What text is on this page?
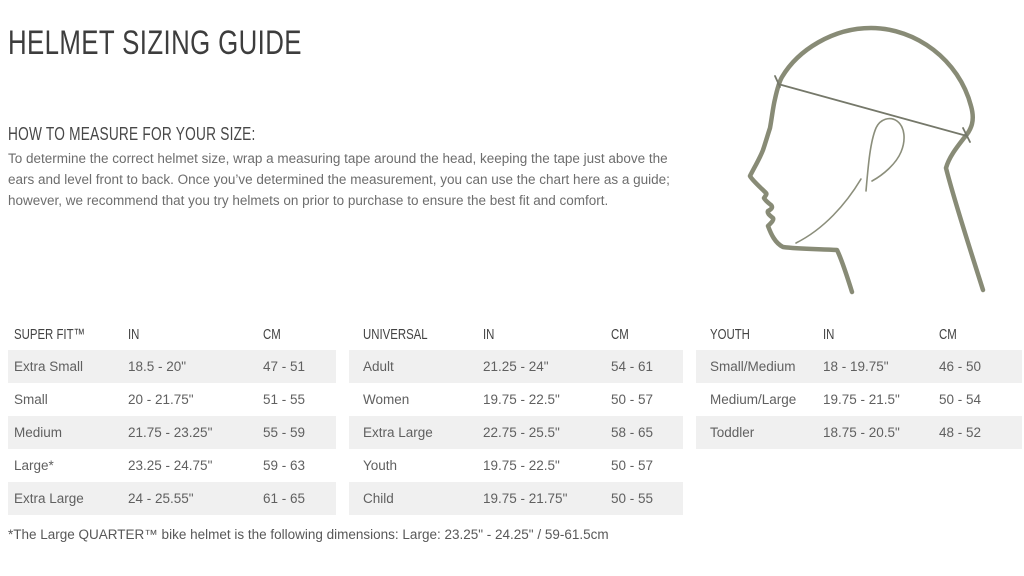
HELMET SIZING GUIDE
HOW TO MEASURE FOR YOUR SIZE:

To determine the correct helmet size, wrap a measuring tape around the head, keeping the tape just above the
ears and level front to back. Once you’ve determined the measurement, you can use the chart here as a guide;
however, we recommend that you try helmets on prior to purchase to ensure the best fit and comfort.

SUPER FIT™	IN	CM
Extra Small	18.5 - 20"	47 - 51
Small	20 - 21.75"	51 - 55
Medium	21.75 - 23.25"	55 - 59
Large*	23.25 - 24.75"	59 - 63
Extra Large	24 - 25.55"	61 - 65
UNIVERSAL	IN	CM
Adult	21.25 - 24"	54 - 61
Women	19.75 - 22.5"	50 - 57
Extra Large	22.75 - 25.5"	58 - 65
Youth	19.75 - 22.5"	50 - 57
Child	19.75 - 21.75"	50 - 55
YOUTH	IN	CM
Small/Medium	18 - 19.75"	46 - 50
Medium/Large	19.75 - 21.5"	50 - 54
Toddler	18.75 - 20.5"	48 - 52

*The Large QUARTER™ bike helmet is the following dimensions: Large: 23.25" - 24.25" / 59-61.5cm
